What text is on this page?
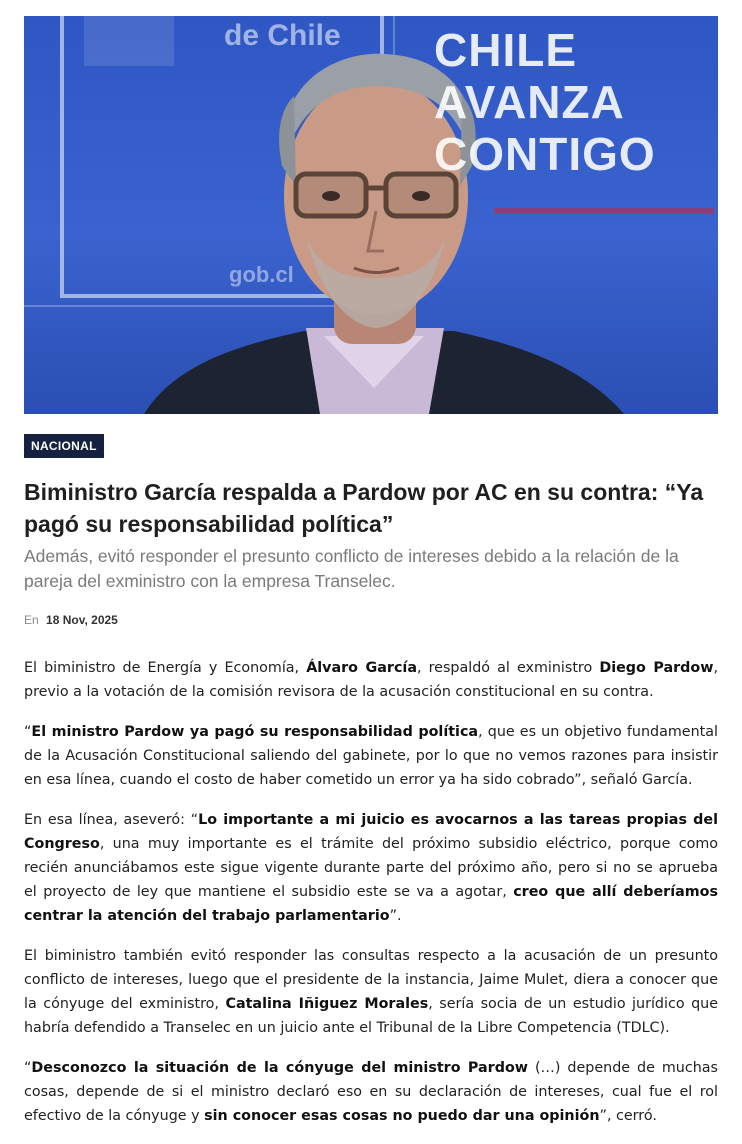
de Chile
gob.cl
CHILE
AVANZA
CONTIGO
NACIONAL
Biministro García respalda a Pardow por AC en su contra: “Ya pagó su responsabilidad política”

Además, evitó responder el presunto conflicto de intereses debido a la relación de la pareja del exministro con la empresa Transelec.

En 18 Nov, 2025

El biministro de Energía y Economía, Álvaro García, respaldó al exministro Diego Pardow, previo a la votación de la comisión revisora de la acusación constitucional en su contra.

“El ministro Pardow ya pagó su responsabilidad política, que es un objetivo fundamental de la Acusación Constitucional saliendo del gabinete, por lo que no vemos razones para insistir en esa línea, cuando el costo de haber cometido un error ya ha sido cobrado”, señaló García.

En esa línea, aseveró: “Lo importante a mi juicio es avocarnos a las tareas propias del Congreso, una muy importante es el trámite del próximo subsidio eléctrico, porque como recién anunciábamos este sigue vigente durante parte del próximo año, pero si no se aprueba el proyecto de ley que mantiene el subsidio este se va a agotar, creo que allí deberíamos centrar la atención del trabajo parlamentario”.

El biministro también evitó responder las consultas respecto a la acusación de un presunto conflicto de intereses, luego que el presidente de la instancia, Jaime Mulet, diera a conocer que la cónyuge del exministro, Catalina Iñiguez Morales, sería socia de un estudio jurídico que habría defendido a Transelec en un juicio ante el Tribunal de la Libre Competencia (TDLC).

“Desconozco la situación de la cónyuge del ministro Pardow (…) depende de muchas cosas, depende de si el ministro declaró eso en su declaración de intereses, cual fue el rol efectivo de la cónyuge y sin conocer esas cosas no puedo dar una opinión”, cerró.
